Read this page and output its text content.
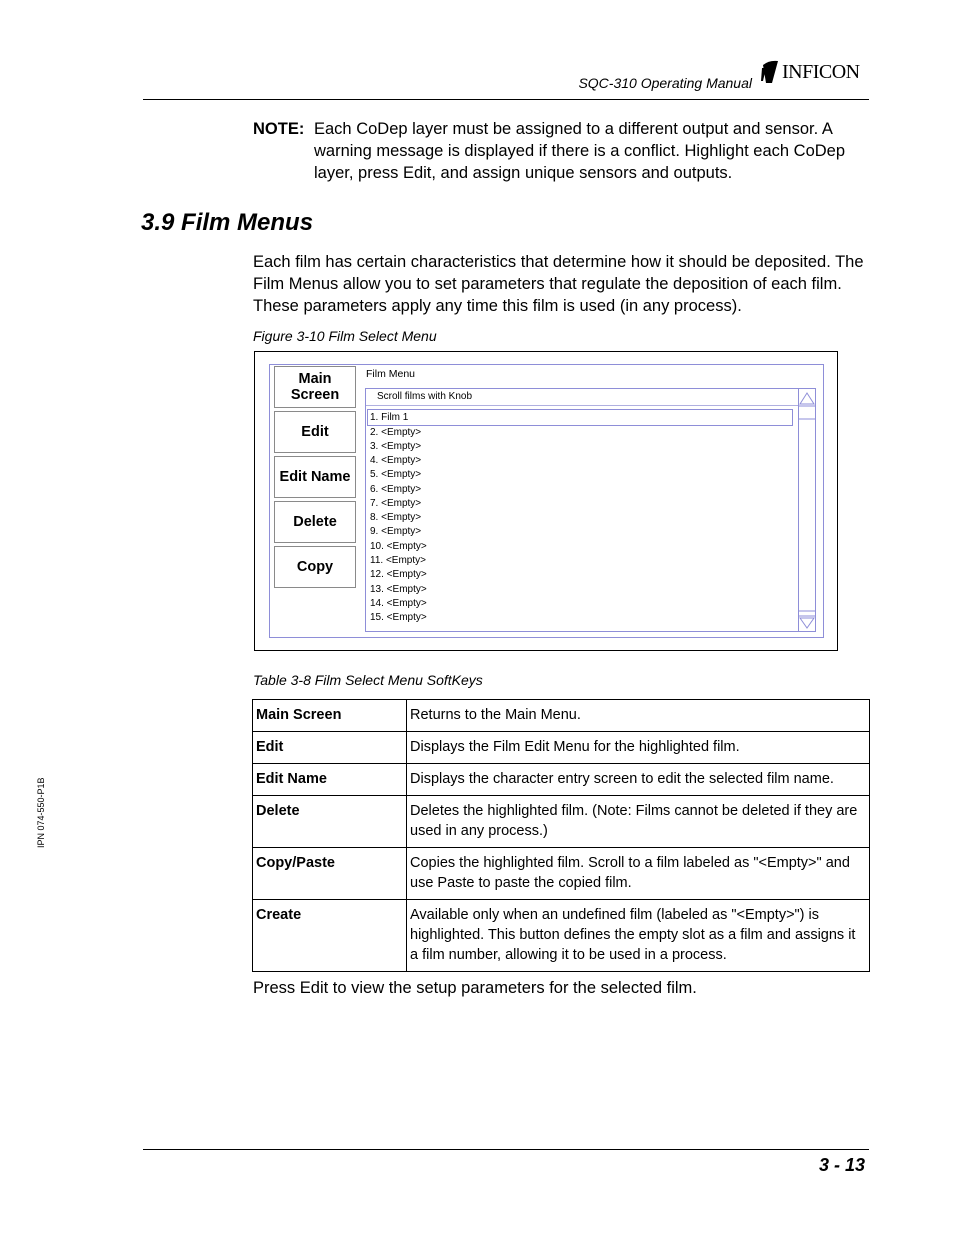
SQC-310 Operating Manual INFICON
NOTE: Each CoDep layer must be assigned to a different output and sensor. A warning message is displayed if there is a conflict. Highlight each CoDep layer, press Edit, and assign unique sensors and outputs.
3.9 Film Menus
Each film has certain characteristics that determine how it should be deposited. The Film Menus allow you to set parameters that regulate the deposition of each film. These parameters apply any time this film is used (in any process).
Figure 3-10 Film Select Menu
Main Screen
Edit
Edit Name
Delete
Copy
Film Menu
Scroll films with Knob
1. Film 1
2. <Empty>
3. <Empty>
4. <Empty>
5. <Empty>
6. <Empty>
7. <Empty>
8. <Empty>
9. <Empty>
10. <Empty>
11. <Empty>
12. <Empty>
13. <Empty>
14. <Empty>
15. <Empty>
Table 3-8 Film Select Menu SoftKeys
Main Screen	Returns to the Main Menu.
Edit	Displays the Film Edit Menu for the highlighted film.
Edit Name	Displays the character entry screen to edit the selected film name.
Delete	Deletes the highlighted film. (Note: Films cannot be deleted if they are used in any process.)
Copy/Paste	Copies the highlighted film. Scroll to a film labeled as "<Empty>" and use Paste to paste the copied film.
Create	Available only when an undefined film (labeled as "<Empty>") is highlighted. This button defines the empty slot as a film and assigns it a film number, allowing it to be used in a process.
Press Edit to view the setup parameters for the selected film.
IPN 074-550-P1B
3 - 13
